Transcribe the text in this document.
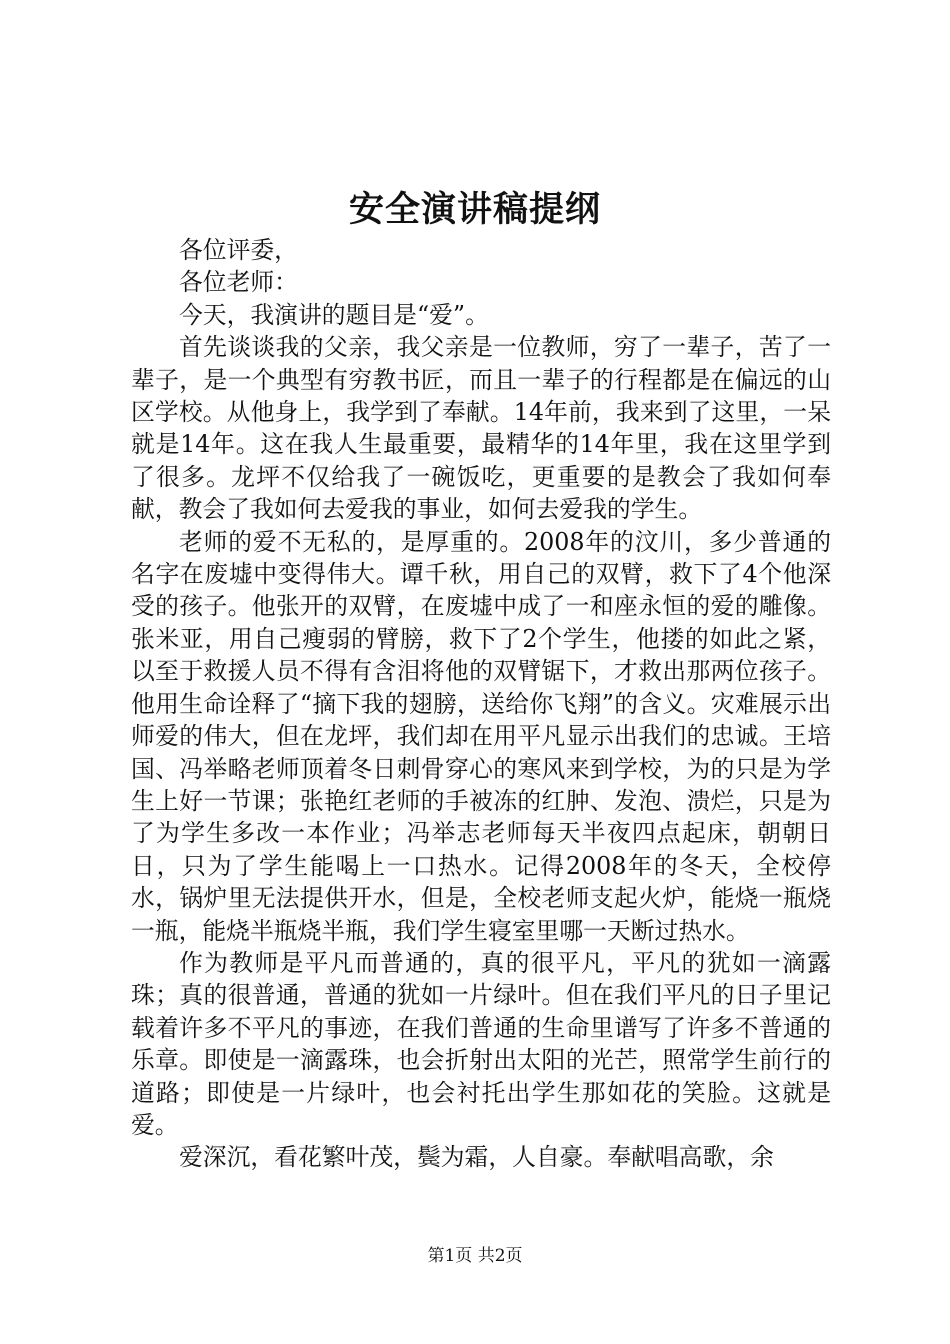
安全演讲稿提纲

各位评委，

各位老师：

今天，我演讲的题目是“爱”。

首先谈谈我的父亲，我父亲是一位教师，穷了一辈子，苦了一辈子，是一个典型有穷教书匠，而且一辈子的行程都是在偏远的山区学校。从他身上，我学到了奉献。14年前，我来到了这里，一呆就是14年。这在我人生最重要，最精华的14年里，我在这里学到了很多。龙坪不仅给我了一碗饭吃，更重要的是教会了我如何奉献，教会了我如何去爱我的事业，如何去爱我的学生。

老师的爱不无私的，是厚重的。2008年的汶川，多少普通的名字在废墟中变得伟大。谭千秋，用自己的双臂，救下了4个他深受的孩子。他张开的双臂，在废墟中成了一和座永恒的爱的雕像。张米亚，用自己瘦弱的臂膀，救下了2个学生，他搂的如此之紧，以至于救援人员不得有含泪将他的双臂锯下，才救出那两位孩子。他用生命诠释了“摘下我的翅膀，送给你飞翔”的含义。灾难展示出师爱的伟大，但在龙坪，我们却在用平凡显示出我们的忠诚。王培国、冯举略老师顶着冬日刺骨穿心的寒风来到学校，为的只是为学生上好一节课；张艳红老师的手被冻的红肿、发泡、溃烂，只是为了为学生多改一本作业；冯举志老师每天半夜四点起床，朝朝日日，只为了学生能喝上一口热水。记得2008年的冬天，全校停水，锅炉里无法提供开水，但是，全校老师支起火炉，能烧一瓶烧一瓶，能烧半瓶烧半瓶，我们学生寝室里哪一天断过热水。

作为教师是平凡而普通的，真的很平凡，平凡的犹如一滴露珠；真的很普通，普通的犹如一片绿叶。但在我们平凡的日子里记载着许多不平凡的事迹，在我们普通的生命里谱写了许多不普通的乐章。即使是一滴露珠，也会折射出太阳的光芒，照常学生前行的道路；即使是一片绿叶，也会衬托出学生那如花的笑脸。这就是爱。

爱深沉，看花繁叶茂，鬓为霜，人自豪。奉献唱高歌，余

第1页 共2页
